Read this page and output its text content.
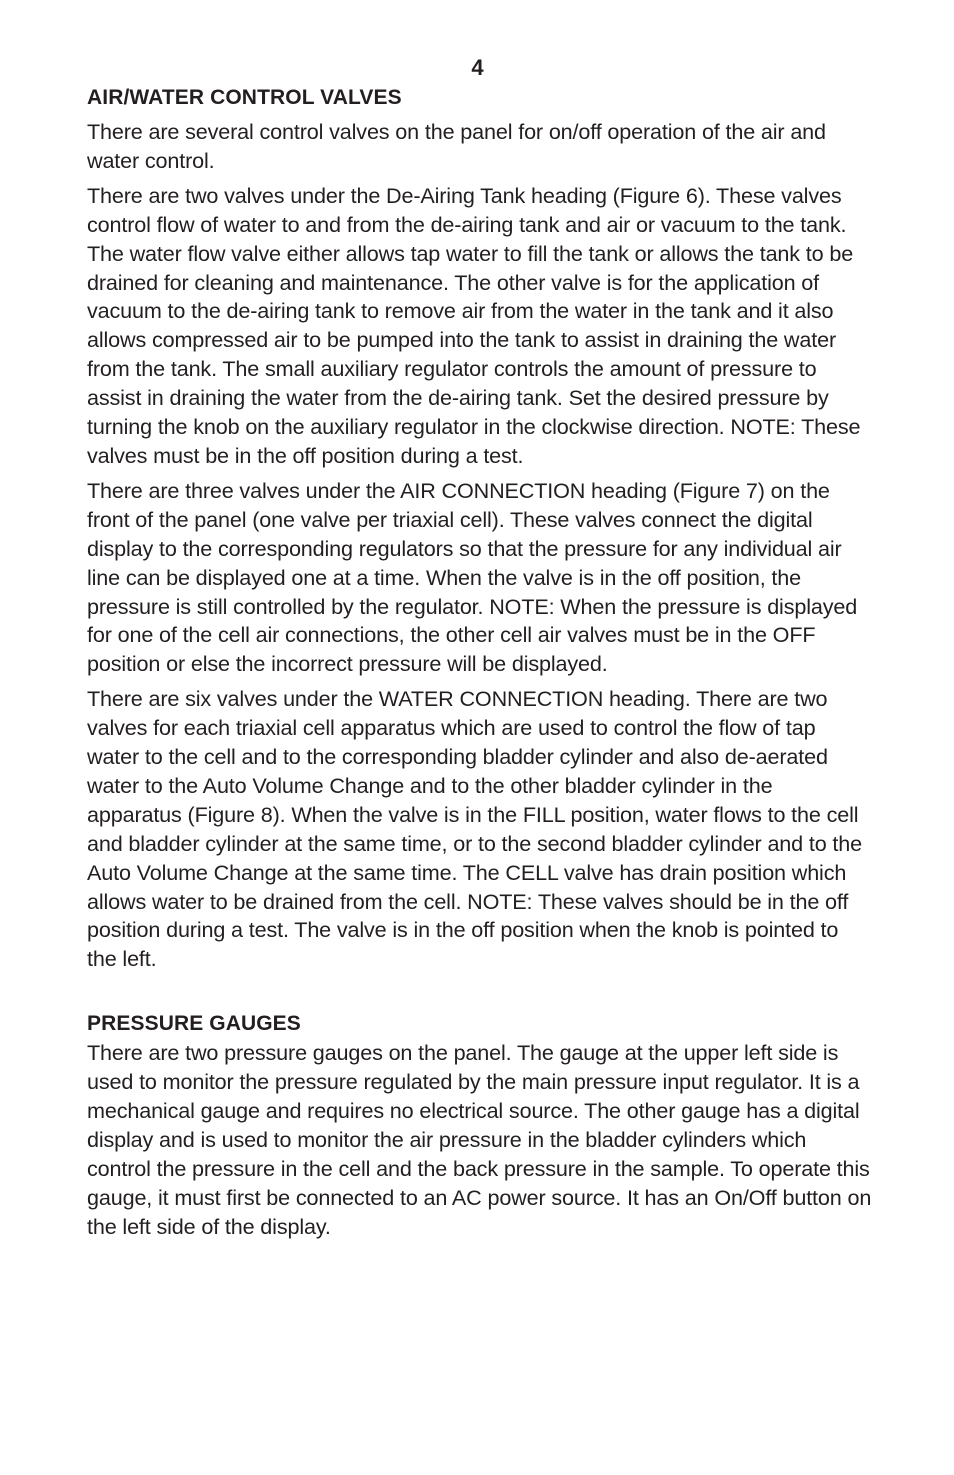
4
AIR/WATER CONTROL VALVES

There are several control valves on the panel for on/off operation of the air and water control.

There are two valves under the De-Airing Tank heading (Figure 6). These valves control flow of water to and from the de-airing tank and air or vacuum to the tank. The water flow valve either allows tap water to fill the tank or allows the tank to be drained for cleaning and maintenance. The other valve is for the application of vacuum to the de-airing tank to remove air from the water in the tank and it also allows compressed air to be pumped into the tank to assist in draining the water from the tank. The small auxiliary regulator controls the amount of pressure to assist in draining the water from the de-airing tank. Set the desired pressure by turning the knob on the auxiliary regulator in the clockwise direction. NOTE: These valves must be in the off position during a test.

There are three valves under the AIR CONNECTION heading (Figure 7) on the front of the panel (one valve per triaxial cell). These valves connect the digital display to the corresponding regulators so that the pressure for any individual air line can be displayed one at a time. When the valve is in the off position, the pressure is still controlled by the regulator. NOTE: When the pressure is displayed for one of the cell air connections, the other cell air valves must be in the OFF position or else the incorrect pressure will be displayed.

There are six valves under the WATER CONNECTION heading. There are two valves for each triaxial cell apparatus which are used to control the flow of tap water to the cell and to the corresponding bladder cylinder and also de-aerated water to the Auto Volume Change and to the other bladder cylinder in the apparatus (Figure 8). When the valve is in the FILL position, water flows to the cell and bladder cylinder at the same time, or to the second bladder cylinder and to the Auto Volume Change at the same time. The CELL valve has drain position which allows water to be drained from the cell. NOTE: These valves should be in the off position during a test. The valve is in the off position when the knob is pointed to the left.

PRESSURE GAUGES

There are two pressure gauges on the panel. The gauge at the upper left side is used to monitor the pressure regulated by the main pressure input regulator. It is a mechanical gauge and requires no electrical source. The other gauge has a digital display and is used to monitor the air pressure in the bladder cylinders which control the pressure in the cell and the back pressure in the sample. To operate this gauge, it must first be connected to an AC power source. It has an On/Off button on the left side of the display.
